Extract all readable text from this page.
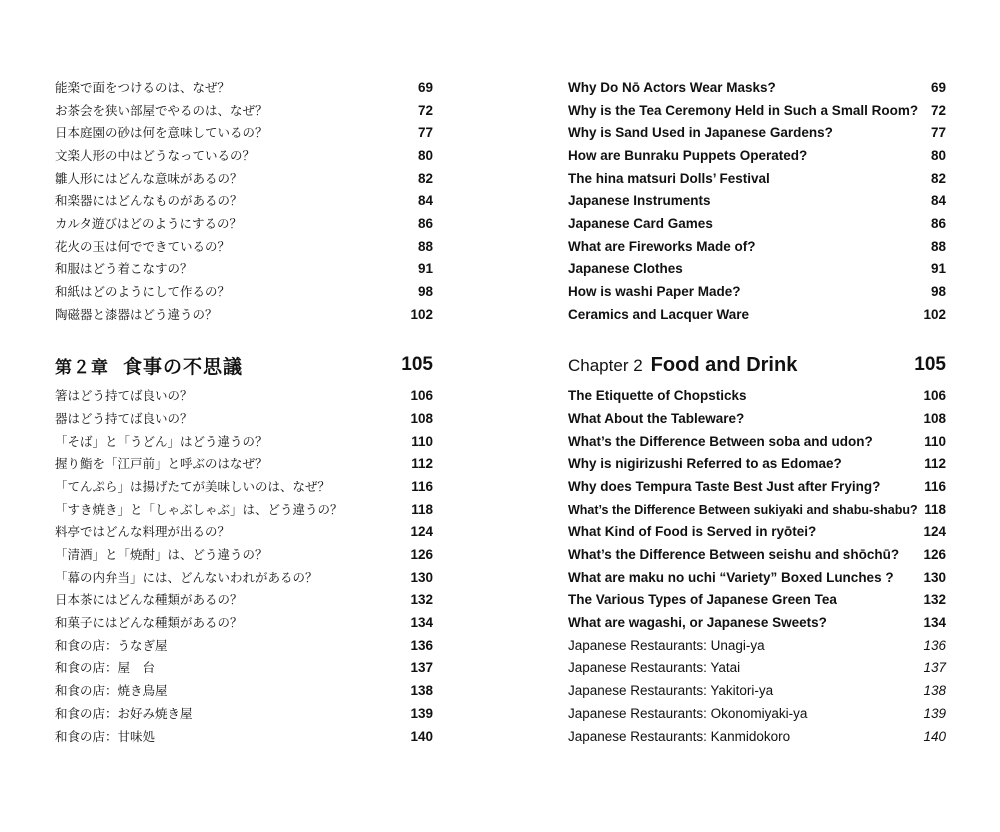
能楽で面をつけるのは、なぜ？	69
お茶会を狭い部屋でやるのは、なぜ？	72
日本庭園の砂は何を意味しているの？	77
文楽人形の中はどうなっているの？	80
雛人形にはどんな意味があるの？	82
和楽器にはどんなものがあるの？	84
カルタ遊びはどのようにするの？	86
花火の玉は何でできているの？	88
和服はどう着こなすの？	91
和紙はどのようにして作るの？	98
陶磁器と漆器はどう違うの？	102
第２章 食事の不思議	105
箸はどう持てば良いの？	106
器はどう持てば良いの？	108
「そば」と「うどん」はどう違うの？	110
握り鮨を「江戸前」と呼ぶのはなぜ？	112
「てんぷら」は揚げたてが美味しいのは、なぜ？	116
「すき焼き」と「しゃぶしゃぶ」は、どう違うの？	118
料亭ではどんな料理が出るの？	124
「清酒」と「焼酎」は、どう違うの？	126
「幕の内弁当」には、どんないわれがあるの？	130
日本茶にはどんな種類があるの？	132
和菓子にはどんな種類があるの？	134
和食の店：うなぎ屋	136
和食の店：屋　台	137
和食の店：焼き鳥屋	138
和食の店：お好み焼き屋	139
和食の店：甘味処	140
Why Do Nō Actors Wear Masks?	69
Why is the Tea Ceremony Held in Such a Small Room? 72
Why is Sand Used in Japanese Gardens?	77
How are Bunraku Puppets Operated?	80
The hina matsuri Dolls’ Festival	82
Japanese Instruments	84
Japanese Card Games	86
What are Fireworks Made of?	88
Japanese Clothes	91
How is washi Paper Made?	98
Ceramics and Lacquer Ware	102
Chapter 2 Food and Drink	105
The Etiquette of Chopsticks	106
What About the Tableware?	108
What’s the Difference Between soba and udon?	110
Why is nigirizushi Referred to as Edomae?	112
Why does Tempura Taste Best Just after Frying?	116
What’s the Difference Between sukiyaki and shabu-shabu? 118
What Kind of Food is Served in ryōtei?	124
What’s the Difference Between seishu and shōchū?	126
What are maku no uchi “Variety” Boxed Lunches ?	130
The Various Types of Japanese Green Tea	132
What are wagashi, or Japanese Sweets?	134
Japanese Restaurants: Unagi-ya	136
Japanese Restaurants: Yatai	137
Japanese Restaurants: Yakitori-ya	138
Japanese Restaurants: Okonomiyaki-ya	139
Japanese Restaurants: Kanmidokoro	140
